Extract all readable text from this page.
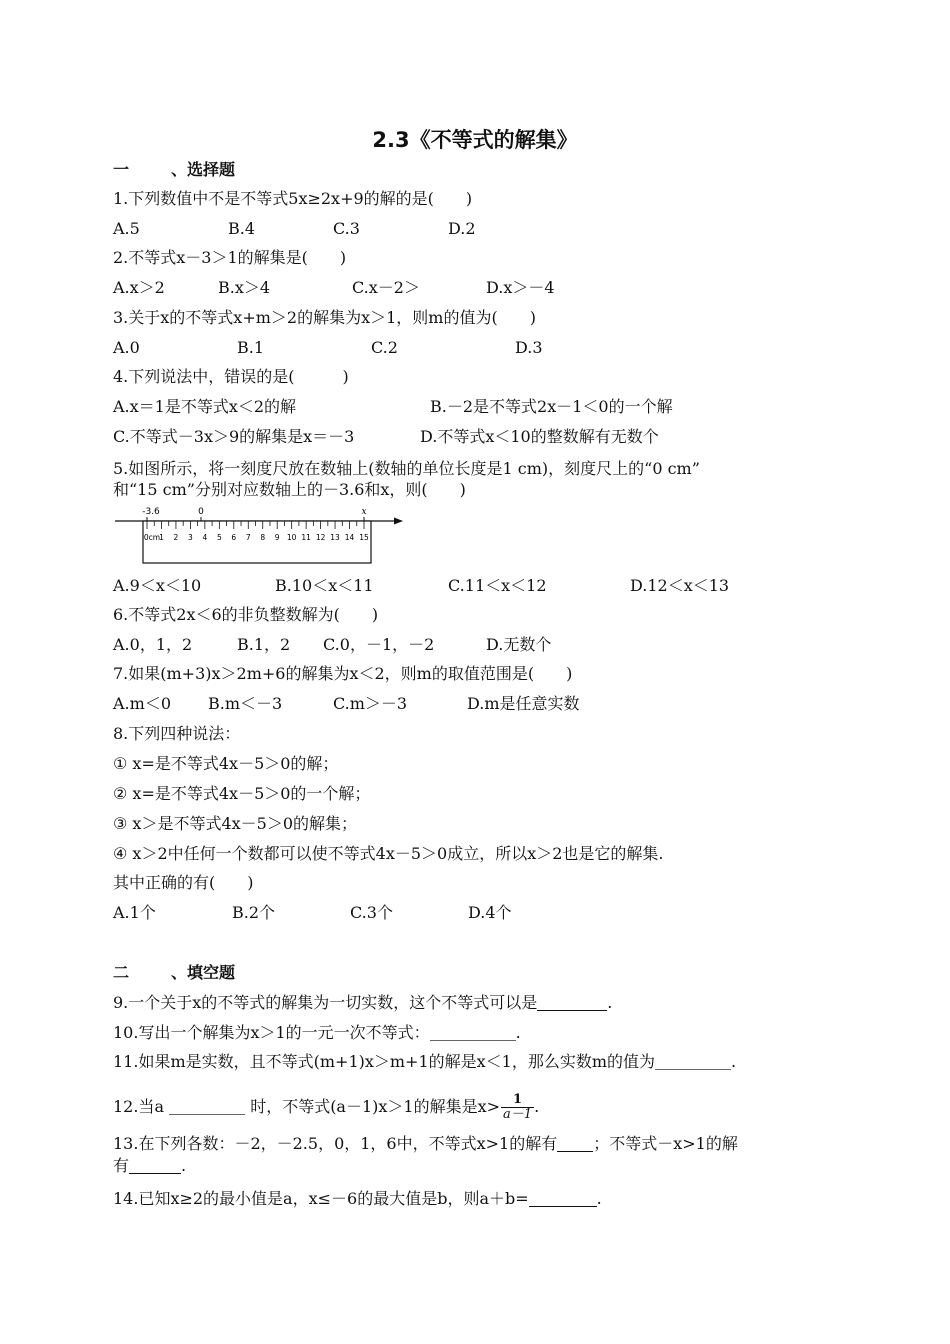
2.3《不等式的解集》
一	、选择题
1.下列数值中不是不等式5x≥2x+9的解的是(　　)
A.5	B.4	C.3	D.2
2.不等式x－3＞1的解集是(　　)
A.x＞2	B.x＞4	C.x－2＞	D.x＞－4
3.关于x的不等式x+m＞2的解集为x＞1，则m的值为(　　)
A.0	B.1	C.2	D.3
4.下列说法中，错误的是(　　　)
A.x＝1是不等式x＜2的解	B.－2是不等式2x－1＜0的一个解
C.不等式－3x＞9的解集是x＝－3	D.不等式x＜10的整数解有无数个
5.如图所示，将一刻度尺放在数轴上(数轴的单位长度是1 cm)，刻度尺上的“0 cm”
和“15 cm”分别对应数轴上的－3.6和x，则(　　)
-3.6	0	x
0cm
1 2 3 4 5 6 7 8 9 10 11 12 13 14 15
A.9＜x＜10	B.10＜x＜11	C.11＜x＜12	D.12＜x＜13
6.不等式2x＜6的非负整数解为(　　)
A.0，1，2	B.1，2 C.0，－1，－2	D.无数个
7.如果(m+3)x＞2m+6的解集为x＜2，则m的取值范围是(　　)
A.m＜0 B.m＜－3	C.m＞－3	D.m是任意实数
8.下列四种说法：
① x=是不等式4x－5＞0的解；
② x=是不等式4x－5＞0的一个解；
③ x＞是不等式4x－5＞0的解集；
④ x＞2中任何一个数都可以使不等式4x－5＞0成立，所以x＞2也是它的解集.
其中正确的有(　　)
A.1个	B.2个	C.3个	D.4个
二	、填空题
9.一个关于x的不等式的解集为一切实数，这个不等式可以是	.
10.写出一个解集为x＞1的一元一次不等式：	.
11.如果m是实数，且不等式(m+1)x＞m+1的解是x＜1，那么实数m的值为	.
12.当a	时，不等式(a－1)x＞1的解集是$x> \frac{1}{a-1}$ .
13.在下列各数：－2，－2.5，0，1，6中，不等式x>1的解有 ；不等式－x>1的解
有	.
14.已知x≥2的最小值是a，x≤－6的最大值是b，则a＋b=	.
